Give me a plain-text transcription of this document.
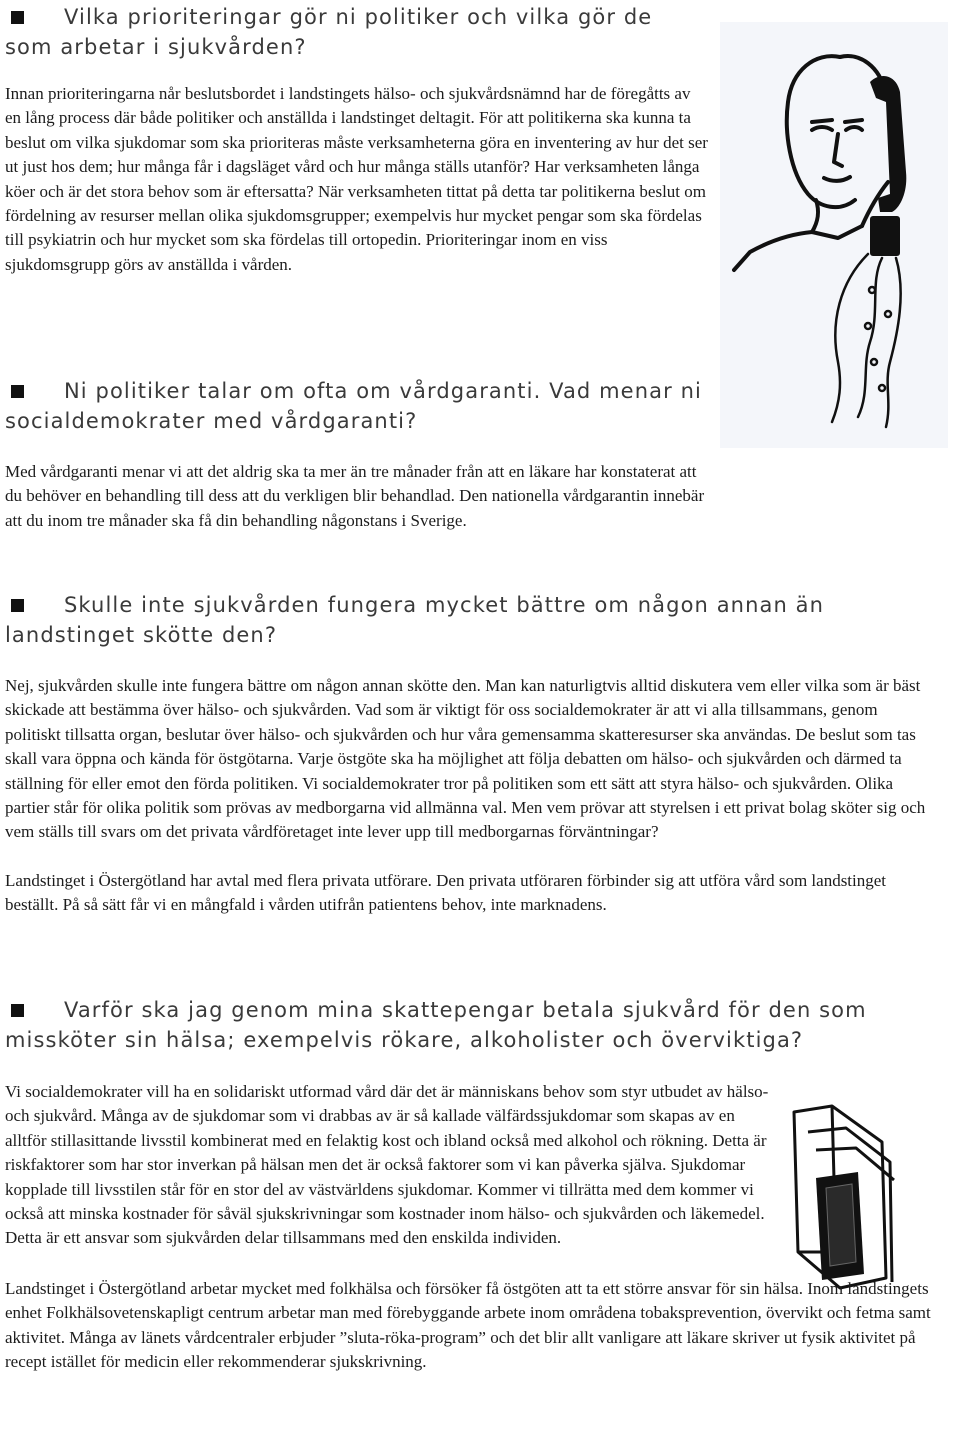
Vilka prioriteringar gör ni politiker och vilka gör de som arbetar i sjukvården?

Innan prioriteringarna når beslutsbordet i landstingets hälso- och sjukvårdsnämnd har de föregåtts av en lång process där både politiker och anställda i landstinget deltagit. För att politikerna ska kunna ta beslut om vilka sjukdomar som ska prioriteras måste verksamheterna göra en inventering av hur det ser ut just hos dem; hur många får i dagsläget vård och hur många ställs utanför? Har verksamheten långa köer och är det stora behov som är eftersatta? När verksamheten tittat på detta tar politikerna beslut om fördelning av resurser mellan olika sjukdomsgrupper; exempelvis hur mycket pengar som ska fördelas till psykiatrin och hur mycket som ska fördelas till ortopedin. Prioriteringar inom en viss sjukdomsgrupp görs av anställda i vården.

Ni politiker talar om ofta om vårdgaranti. Vad menar ni socialdemokrater med vårdgaranti?

Med vårdgaranti menar vi att det aldrig ska ta mer än tre månader från att en läkare har konstaterat att du behöver en behandling till dess att du verkligen blir behandlad. Den nationella vårdgarantin innebär att du inom tre månader ska få din behandling någonstans i Sverige.

Skulle inte sjukvården fungera mycket bättre om någon annan än landstinget skötte den?

Nej, sjukvården skulle inte fungera bättre om någon annan skötte den. Man kan naturligtvis alltid diskutera vem eller vilka som är bäst skickade att bestämma över hälso- och sjukvården. Vad som är viktigt för oss socialdemokrater är att vi alla tillsammans, genom politiskt tillsatta organ, beslutar över hälso- och sjukvården och hur våra gemensamma skatteresurser ska användas. De beslut som tas skall vara öppna och kända för östgötarna. Varje östgöte ska ha möjlighet att följa debatten om hälso- och sjukvården och därmed ta ställning för eller emot den förda politiken. Vi socialdemokrater tror på politiken som ett sätt att styra hälso- och sjukvården. Olika partier står för olika politik som prövas av medborgarna vid allmänna val. Men vem prövar att styrelsen i ett privat bolag sköter sig och vem ställs till svars om det privata vårdföretaget inte lever upp till medborgarnas förväntningar?

Landstinget i Östergötland har avtal med flera privata utförare. Den privata utföraren förbinder sig att utföra vård som landstinget beställt. På så sätt får vi en mångfald i vården utifrån patientens behov, inte marknadens.

Varför ska jag genom mina skattepengar betala sjukvård för den som missköter sin hälsa; exempelvis rökare, alkoholister och överviktiga?

Vi socialdemokrater vill ha en solidariskt utformad vård där det är människans behov som styr utbudet av hälso- och sjukvård. Många av de sjukdomar som vi drabbas av är så kallade välfärdssjukdomar som skapas av en alltför stillasittande livsstil kombinerat med en felaktig kost och ibland också med alkohol och rökning. Detta är riskfaktorer som har stor inverkan på hälsan men det är också faktorer som vi kan påverka själva. Sjukdomar kopplade till livsstilen står för en stor del av västvärldens sjukdomar. Kommer vi tillrätta med dem kommer vi också att minska kostnader för såväl sjukskrivningar som kostnader inom hälso- och sjukvården och läkemedel. Detta är ett ansvar som sjukvården delar tillsammans med den enskilda individen.

Landstinget i Östergötland arbetar mycket med folkhälsa och försöker få östgöten att ta ett större ansvar för sin hälsa. Inom landstingets enhet Folkhälsovetenskapligt centrum arbetar man med förebyggande arbete inom områdena tobaksprevention, övervikt och fetma samt aktivitet. Många av länets vårdcentraler erbjuder ”sluta-röka-program” och det blir allt vanligare att läkare skriver ut fysik aktivitet på recept istället för medicin eller rekommenderar sjukskrivning.
